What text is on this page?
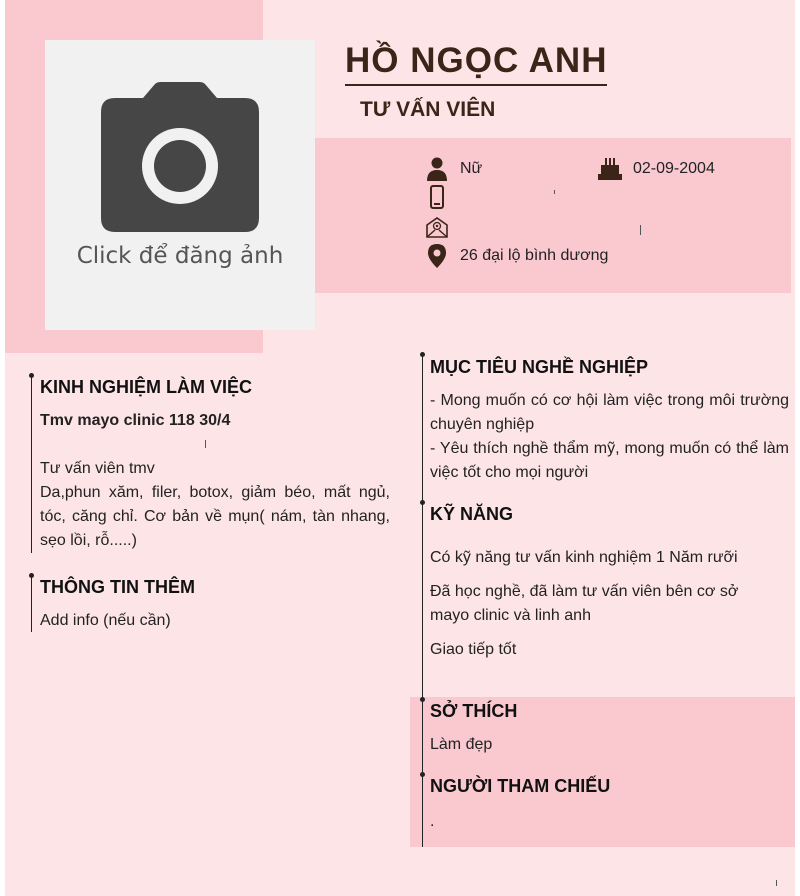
Click để đăng ảnh
HỒ NGỌC ANH
TƯ VẤN VIÊN
Nữ	02-09-2004
26 đại lộ bình dương
KINH NGHIỆM LÀM VIỆC
Tmv mayo clinic 118 30/4
Tư vấn viên tmv
Da,phun xăm, filer, botox, giảm béo, mất ngủ, tóc, căng chỉ. Cơ bản về mụn( nám, tàn nhang, sẹo lồi, rỗ.....)
THÔNG TIN THÊM
Add info (nếu cần)
MỤC TIÊU NGHỀ NGHIỆP
- Mong muốn có cơ hội làm việc trong môi trường chuyên nghiệp
- Yêu thích nghề thẩm mỹ, mong muốn có thể làm việc tốt cho mọi người
KỸ NĂNG
Có kỹ năng tư vấn kinh nghiệm 1 Năm rưỡi
Đã học nghề, đã làm tư vấn viên bên cơ sở mayo clinic và linh anh
Giao tiếp tốt
SỞ THÍCH
Làm đẹp
NGƯỜI THAM CHIẾU
.
